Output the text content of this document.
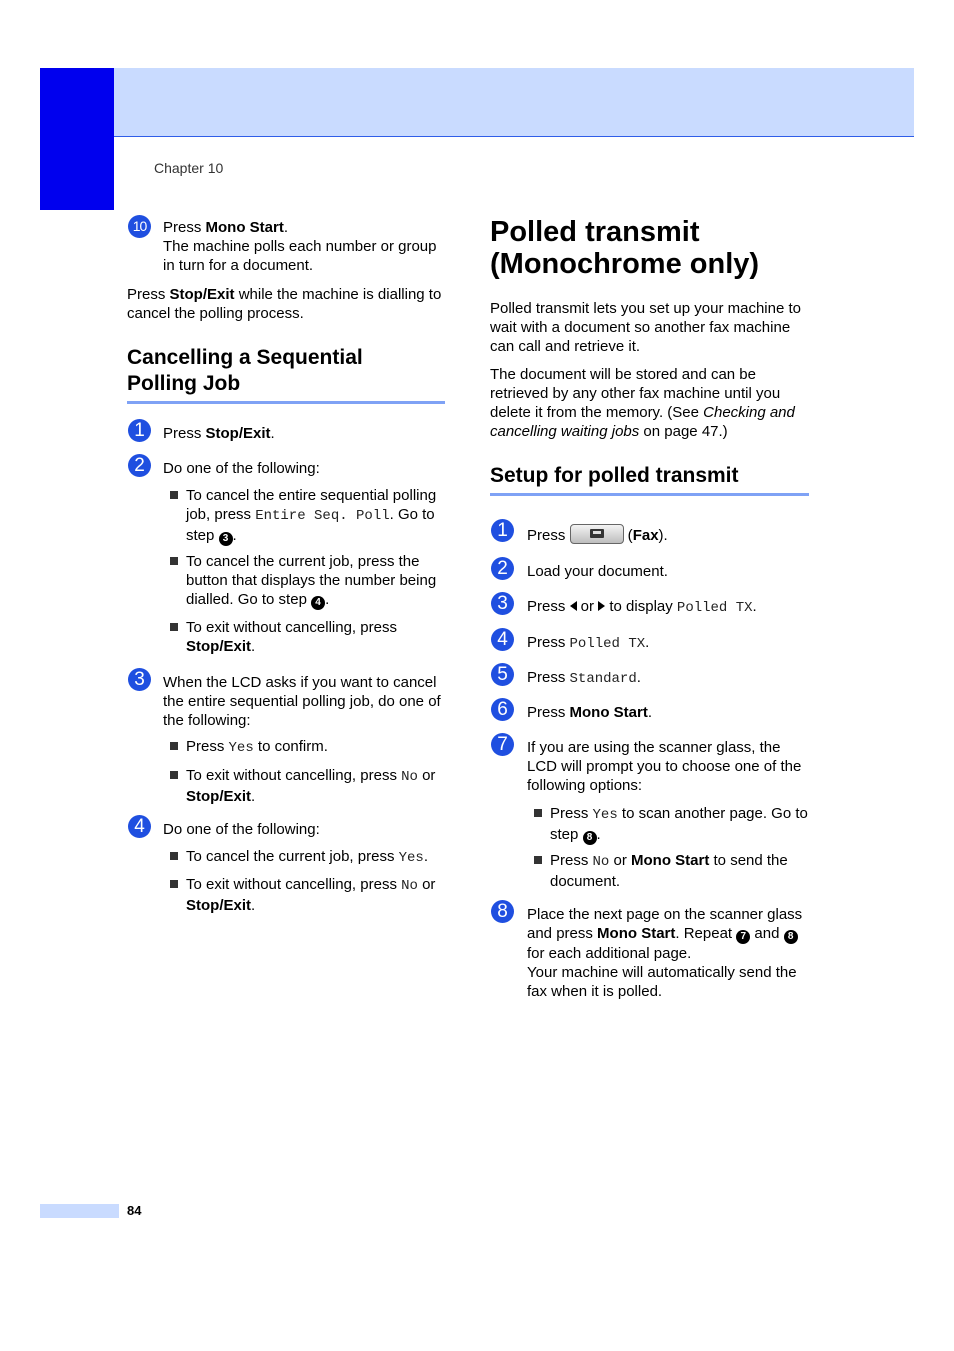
Chapter 10
10	Press Mono Start.
The machine polls each number or group in turn for a document.
Press Stop/Exit while the machine is dialling to cancel the polling process.
Cancelling a Sequential Polling Job
1	Press Stop/Exit.
2	Do one of the following:
To cancel the entire sequential polling job, press Entire Seq. Poll. Go to step 3 .
To cancel the current job, press the button that displays the number being dialled. Go to step 4 .
To exit without cancelling, press Stop/Exit.
3	When the LCD asks if you want to cancel the entire sequential polling job, do one of the following:
Press Yes to confirm.
To exit without cancelling, press No or Stop/Exit.
4	Do one of the following:
To cancel the current job, press Yes.
To exit without cancelling, press No or Stop/Exit.
Polled transmit (Monochrome only)
Polled transmit lets you set up your machine to wait with a document so another fax machine can call and retrieve it.
The document will be stored and can be retrieved by any other fax machine until you delete it from the memory. (See Checking and cancelling waiting jobs on page 47.)
Setup for polled transmit
1	Press	(Fax).
2	Load your document.
3	Press  or  to display Polled TX.
4	Press Polled TX.
5	Press Standard.
6	Press Mono Start.
7	If you are using the scanner glass, the LCD will prompt you to choose one of the following options:
Press Yes to scan another page. Go to step 8 .
Press No or Mono Start to send the document.
8	Place the next page on the scanner glass and press Mono Start. Repeat 7 and 8 for each additional page.
Your machine will automatically send the fax when it is polled.
84
